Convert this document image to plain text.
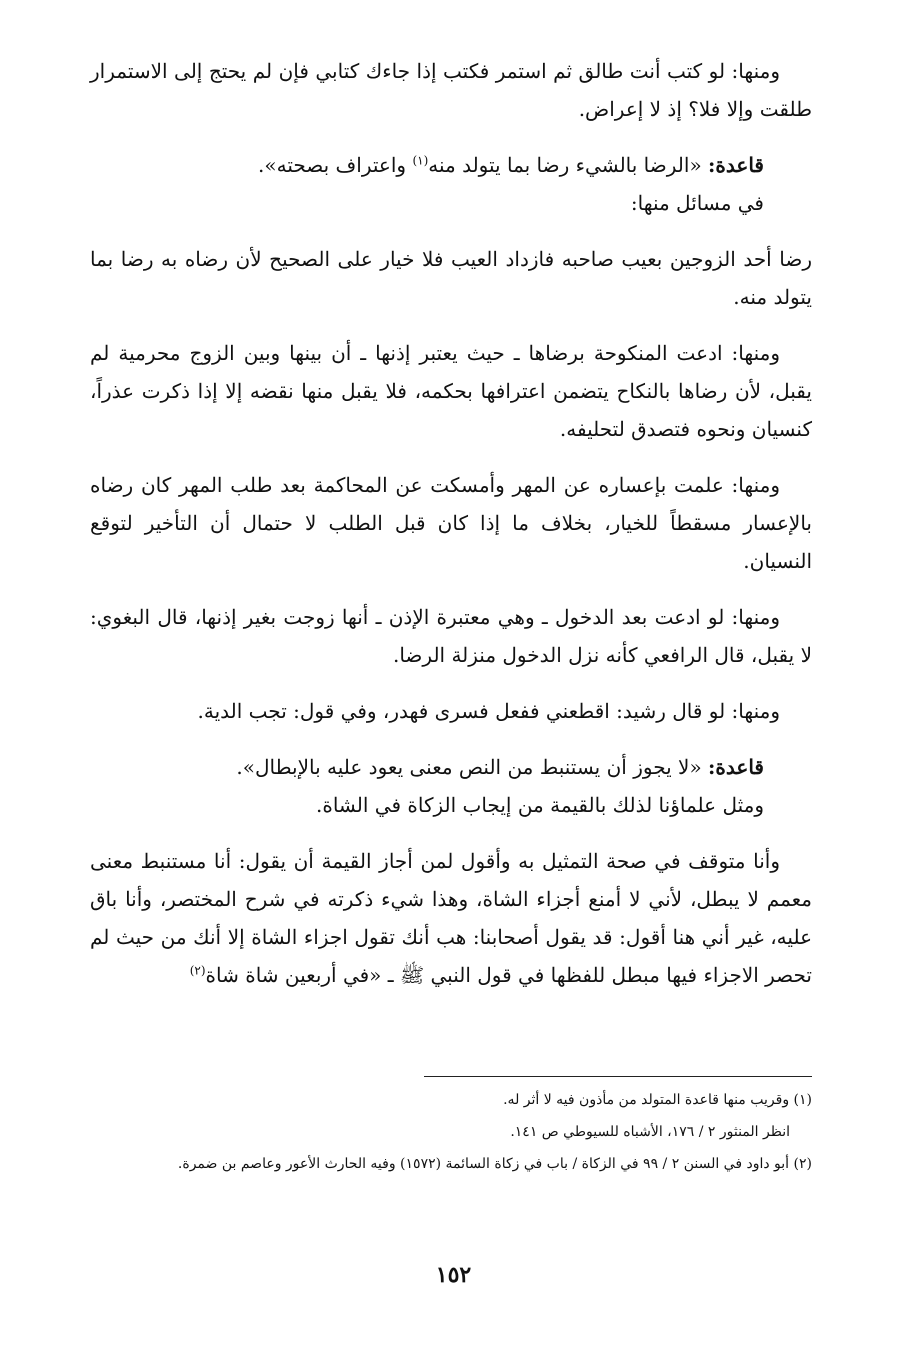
ومنها: لو كتب أنت طالق ثم استمر فكتب إذا جاءك كتابي فإن لم يحتج إلى الاستمرار طلقت وإلا فلا؟ إذ لا إعراض.

قاعدة: «الرضا بالشيء رضا بما يتولد منه$^{(١)}$ واعتراف بصحته».

في مسائل منها:

رضا أحد الزوجين بعيب صاحبه فازداد العيب فلا خيار على الصحيح لأن رضاه به رضا بما يتولد منه.

ومنها: ادعت المنكوحة برضاها ـ حيث يعتبر إذنها ـ أن بينها وبين الزوج محرمية لم يقبل، لأن رضاها بالنكاح يتضمن اعترافها بحكمه، فلا يقبل منها نقضه إلا إذا ذكرت عذراً، كنسيان ونحوه فتصدق لتحليفه.

ومنها: علمت بإعساره عن المهر وأمسكت عن المحاكمة بعد طلب المهر كان رضاه بالإعسار مسقطاً للخيار، بخلاف ما إذا كان قبل الطلب لا حتمال أن التأخير لتوقع النسيان.

ومنها: لو ادعت بعد الدخول ـ وهي معتبرة الإذن ـ أنها زوجت بغير إذنها، قال البغوي: لا يقبل، قال الرافعي كأنه نزل الدخول منزلة الرضا.

ومنها: لو قال رشيد: اقطعني ففعل فسرى فهدر، وفي قول: تجب الدية.

قاعدة: «لا يجوز أن يستنبط من النص معنى يعود عليه بالإبطال».

ومثل علماؤنا لذلك بالقيمة من إيجاب الزكاة في الشاة.

وأنا متوقف في صحة التمثيل به وأقول لمن أجاز القيمة أن يقول: أنا مستنبط معنى معمم لا يبطل، لأني لا أمنع أجزاء الشاة، وهذا شيء ذكرته في شرح المختصر، وأنا باق عليه، غير أني هنا أقول: قد يقول أصحابنا: هب أنك تقول اجزاء الشاة إلا أنك من حيث لم تحصر الاجزاء فيها مبطل للفظها في قول النبي ﷺ ـ «في أربعين شاة شاة$^{(٢)}$

(١) وقريب منها قاعدة المتولد من مأذون فيه لا أثر له.

انظر المنثور ٢ / ١٧٦، الأشباه للسيوطي ص ١٤١.

(٢) أبو داود في السنن ٢ / ٩٩ في الزكاة / باب في زكاة السائمة (١٥٧٢) وفيه الحارث الأعور وعاصم بن ضمرة.

١٥٢
